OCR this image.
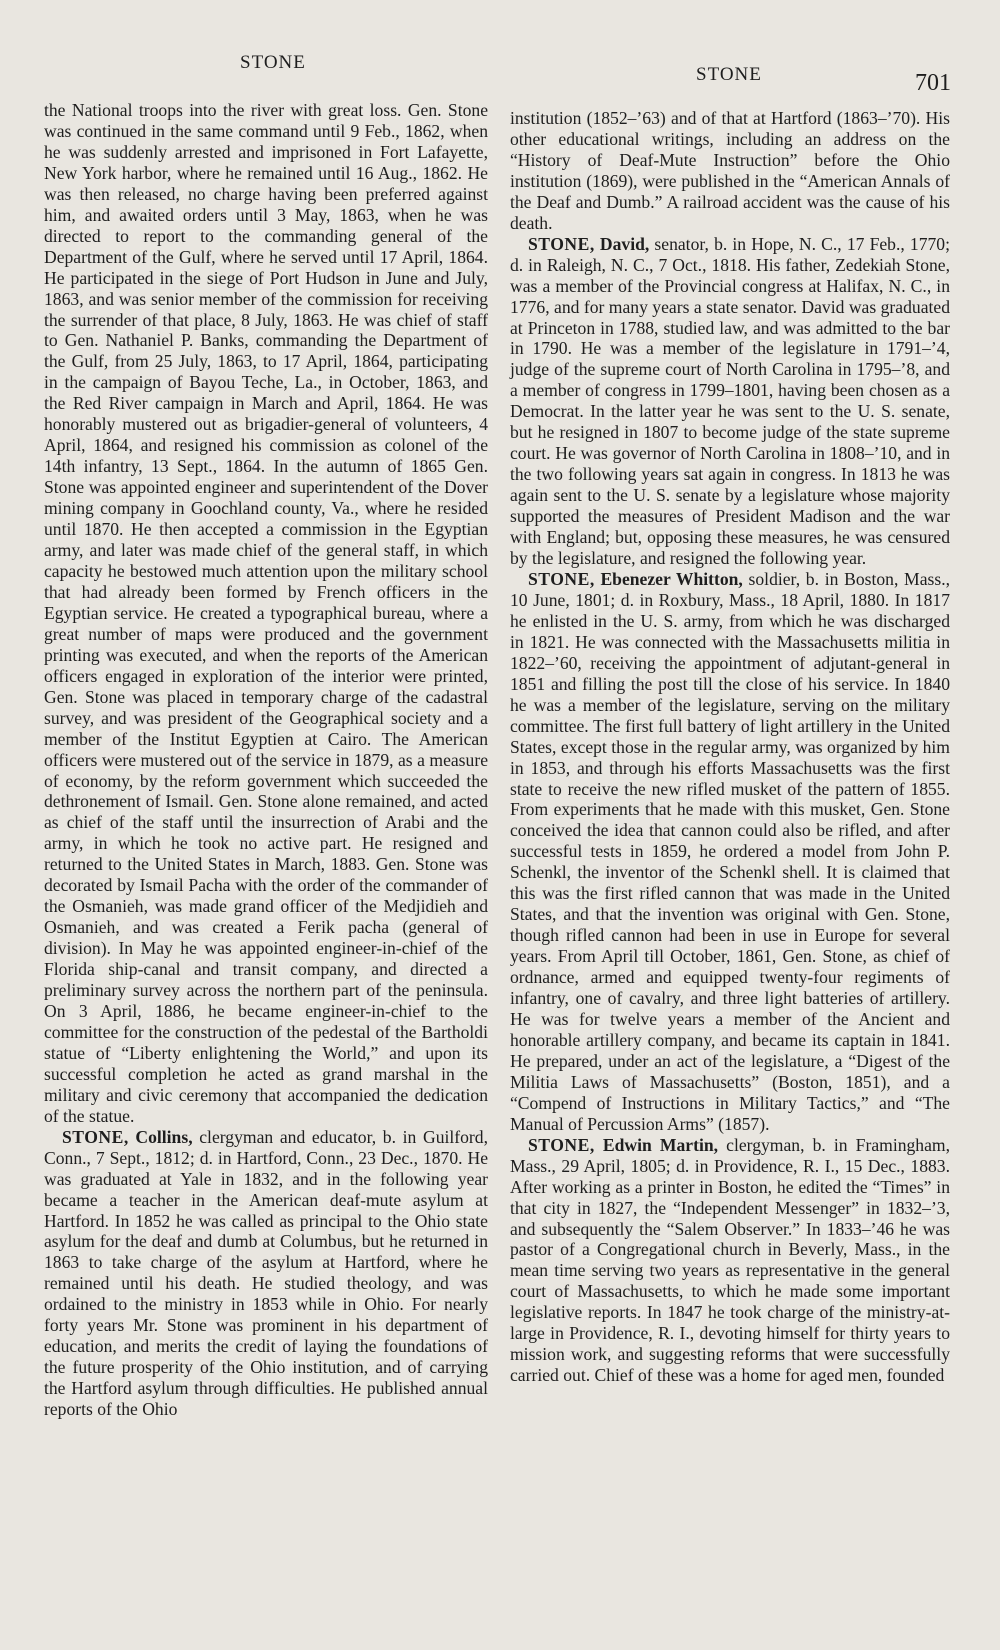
STONE
STONE	701

the National troops into the river with great loss. Gen. Stone was continued in the same command until 9 Feb., 1862, when he was suddenly arrested and imprisoned in Fort Lafayette, New York harbor, where he remained until 16 Aug., 1862. He was then released, no charge having been preferred against him, and awaited orders until 3 May, 1863, when he was directed to report to the commanding general of the Department of the Gulf, where he served until 17 April, 1864. He participated in the siege of Port Hudson in June and July, 1863, and was senior member of the commission for receiving the surrender of that place, 8 July, 1863. He was chief of staff to Gen. Nathaniel P. Banks, commanding the Department of the Gulf, from 25 July, 1863, to 17 April, 1864, participating in the campaign of Bayou Teche, La., in October, 1863, and the Red River campaign in March and April, 1864. He was honorably mustered out as brigadier-general of volunteers, 4 April, 1864, and resigned his commission as colonel of the 14th infantry, 13 Sept., 1864. In the autumn of 1865 Gen. Stone was appointed engineer and superintendent of the Dover mining company in Goochland county, Va., where he resided until 1870. He then accepted a commission in the Egyptian army, and later was made chief of the general staff, in which capacity he bestowed much attention upon the military school that had already been formed by French officers in the Egyptian service. He created a typographical bureau, where a great number of maps were produced and the government printing was executed, and when the reports of the American officers engaged in exploration of the interior were printed, Gen. Stone was placed in temporary charge of the cadastral survey, and was president of the Geographical society and a member of the Institut Egyptien at Cairo. The American officers were mustered out of the service in 1879, as a measure of economy, by the reform government which succeeded the dethronement of Ismail. Gen. Stone alone remained, and acted as chief of the staff until the insurrection of Arabi and the army, in which he took no active part. He resigned and returned to the United States in March, 1883. Gen. Stone was decorated by Ismail Pacha with the order of the commander of the Osmanieh, was made grand officer of the Medjidieh and Osmanieh, and was created a Ferik pacha (general of division). In May he was appointed engineer-in-chief of the Florida ship-canal and transit company, and directed a preliminary survey across the northern part of the peninsula. On 3 April, 1886, he became engineer-in-chief to the committee for the construction of the pedestal of the Bartholdi statue of “Liberty enlightening the World,” and upon its successful completion he acted as grand marshal in the military and civic ceremony that accompanied the dedication of the statue.

STONE, Collins, clergyman and educator, b. in Guilford, Conn., 7 Sept., 1812; d. in Hartford, Conn., 23 Dec., 1870. He was graduated at Yale in 1832, and in the following year became a teacher in the American deaf-mute asylum at Hartford. In 1852 he was called as principal to the Ohio state asylum for the deaf and dumb at Columbus, but he returned in 1863 to take charge of the asylum at Hartford, where he remained until his death. He studied theology, and was ordained to the ministry in 1853 while in Ohio. For nearly forty years Mr. Stone was prominent in his department of education, and merits the credit of laying the foundations of the future prosperity of the Ohio institution, and of carrying the Hartford asylum through difficulties. He published annual reports of the Ohio

institution (1852–’63) and of that at Hartford (1863–’70). His other educational writings, including an address on the “History of Deaf-Mute Instruction” before the Ohio institution (1869), were published in the “American Annals of the Deaf and Dumb.” A railroad accident was the cause of his death.

STONE, David, senator, b. in Hope, N. C., 17 Feb., 1770; d. in Raleigh, N. C., 7 Oct., 1818. His father, Zedekiah Stone, was a member of the Provincial congress at Halifax, N. C., in 1776, and for many years a state senator. David was graduated at Princeton in 1788, studied law, and was admitted to the bar in 1790. He was a member of the legislature in 1791–’4, judge of the supreme court of North Carolina in 1795–’8, and a member of congress in 1799–1801, having been chosen as a Democrat. In the latter year he was sent to the U. S. senate, but he resigned in 1807 to become judge of the state supreme court. He was governor of North Carolina in 1808–’10, and in the two following years sat again in congress. In 1813 he was again sent to the U. S. senate by a legislature whose majority supported the measures of President Madison and the war with England; but, opposing these measures, he was censured by the legislature, and resigned the following year.

STONE, Ebenezer Whitton, soldier, b. in Boston, Mass., 10 June, 1801; d. in Roxbury, Mass., 18 April, 1880. In 1817 he enlisted in the U. S. army, from which he was discharged in 1821. He was connected with the Massachusetts militia in 1822–’60, receiving the appointment of adjutant-general in 1851 and filling the post till the close of his service. In 1840 he was a member of the legislature, serving on the military committee. The first full battery of light artillery in the United States, except those in the regular army, was organized by him in 1853, and through his efforts Massachusetts was the first state to receive the new rifled musket of the pattern of 1855. From experiments that he made with this musket, Gen. Stone conceived the idea that cannon could also be rifled, and after successful tests in 1859, he ordered a model from John P. Schenkl, the inventor of the Schenkl shell. It is claimed that this was the first rifled cannon that was made in the United States, and that the invention was original with Gen. Stone, though rifled cannon had been in use in Europe for several years. From April till October, 1861, Gen. Stone, as chief of ordnance, armed and equipped twenty-four regiments of infantry, one of cavalry, and three light batteries of artillery. He was for twelve years a member of the Ancient and honorable artillery company, and became its captain in 1841. He prepared, under an act of the legislature, a “Digest of the Militia Laws of Massachusetts” (Boston, 1851), and a “Compend of Instructions in Military Tactics,” and “The Manual of Percussion Arms” (1857).

STONE, Edwin Martin, clergyman, b. in Framingham, Mass., 29 April, 1805; d. in Providence, R. I., 15 Dec., 1883. After working as a printer in Boston, he edited the “Times” in that city in 1827, the “Independent Messenger” in 1832–’3, and subsequently the “Salem Observer.” In 1833–’46 he was pastor of a Congregational church in Beverly, Mass., in the mean time serving two years as representative in the general court of Massachusetts, to which he made some important legislative reports. In 1847 he took charge of the ministry-at-large in Providence, R. I., devoting himself for thirty years to mission work, and suggesting reforms that were successfully carried out. Chief of these was a home for aged men, founded
